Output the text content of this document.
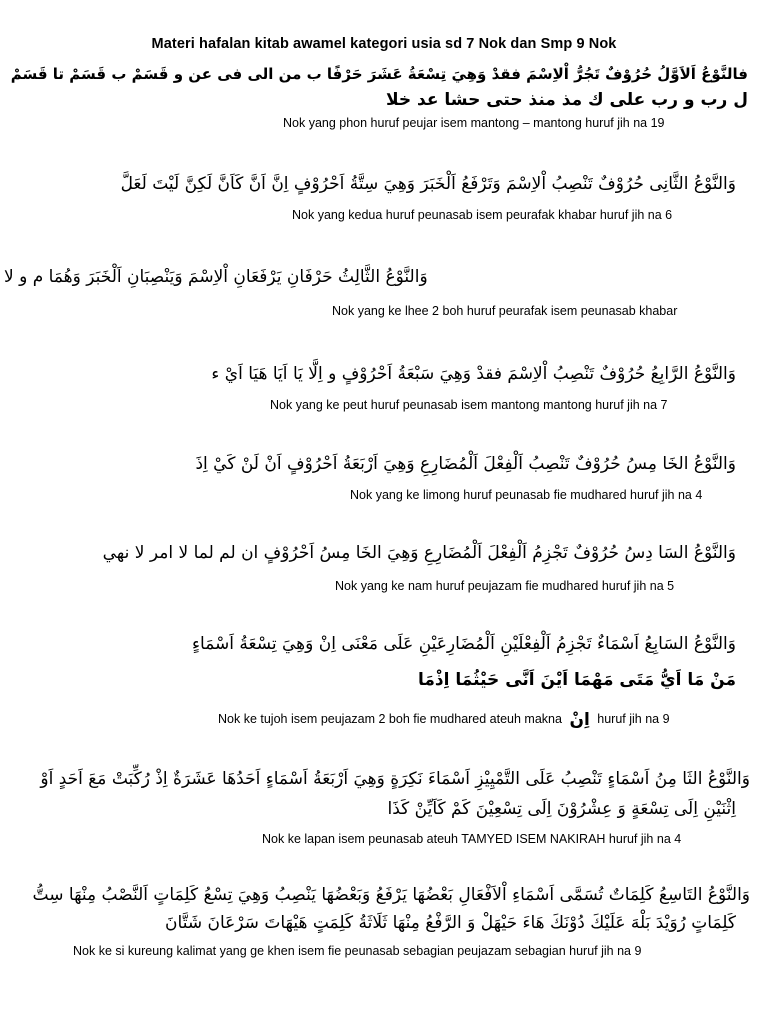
Materi hafalan kitab awamel kategori usia sd 7 Nok dan Smp 9 Nok
فالنَّوْعُ اَلاَوَّلُ حُرُوْفٌ تَجُرُّ اْلاِسْمَ فقدْ وَهِيَ تِسْعَةُ عَشَرَ حَرْفًا ب من الى فى عن و قَسَمْ ب قَسَمْ تا قَسَمْ
ل رب و رب على ك مذ منذ حتى حشا عد خلا
Nok yang phon huruf peujar isem mantong – mantong huruf jih na 19
وَالنَّوْعُ الثَّانِى حُرُوْفٌ تَنْصِبُ اْلاِسْمَ وَتَرْفَعُ اَلْخَبَرَ وَهِيَ سِتَّةُ اَحْرُوْفٍ اِنَّ اَنَّ كَاَنَّ لَكِنَّ لَيْتَ لَعَلَّ
Nok yang kedua huruf peunasab isem peurafak khabar huruf jih na 6
وَالنَّوْعُ الثَّالِثُ حَرْفَانِ يَرْفَعَانِ اْلاِسْمَ وَيَنْصِبَانِ اَلْخَبَرَ وَهُمَا م و لا
Nok yang ke lhee 2 boh huruf peurafak isem peunasab khabar
وَالنَّوْعُ الرَّابِعُ حُرُوْفٌ تَنْصِبُ اْلاِسْمَ فقدْ وَهِيَ سَبْعَةُ اَحْرُوْفٍ و اِلَّا يَا اَيَا هَيَا اَيْ ء
Nok yang ke peut huruf peunasab isem mantong mantong huruf jih na 7
وَالنَّوْعُ الخَا مِسُ حُرُوْفٌ تَنْصِبُ اَلْفِعْلَ اَلْمُضَارِعِ وَهِيَ اَرْبَعَةُ اَحْرُوْفٍ اَنْ لَنْ كَيْ اِذَ
Nok yang ke limong huruf peunasab fie mudhared huruf jih na 4
وَالنَّوْعُ السَا دِسُ حُرُوْفٌ تَجْزِمُ اَلْفِعْلَ اَلْمُضَارِعِ وَهِيَ الخَا مِسُ اَحْرُوْفٍ ان لم لما لا امر لا نهي
Nok yang ke nam huruf peujazam fie mudhared huruf jih na 5
وَالنَّوْعُ السَابِعُ اَسْمَاءٌ تَجْزِمُ اَلْفِعْلَيْنِ اَلْمُضَارِعَيْنِ عَلَى مَعْنَى اِنْ وَهِيَ تِسْعَةُ اَسْمَاءٍ
مَنْ مَا اَيُّ مَتَى مَهْمَا اَيْنَ اَنَّى حَيْثُمَا اِذْمَا
Nok ke tujoh isem peujazam 2 boh fie mudhared ateuh makna اِنْ huruf jih na 9
وَالنَّوْعُ الثَا مِنُ اَسْمَاءٍ تَنْصِبُ عَلَى التَّمْيِيْزِ اَسْمَاءَ نَكِرَةٍ وَهِيَ اَرْبَعَةُ اَسْمَاءٍ اَحَدُهَا عَشَرَةٌ اِذْ رُكِّبَتْ مَعَ اَحَدٍ اَوْ
اِثْنَيْنِ اِلَى تِسْعَةٍ وَ عِشْرُوْنَ اِلَى تِسْعِيْنَ كَمْ كَاَيِّنْ كَذَا
Nok ke lapan isem peunasab ateuh TAMYED ISEM NAKIRAH huruf jih na 4
وَالنَّوْعُ التَاسِعُ كَلِمَاتٌ تُسَمَّى اَسْمَاءِ اْلاَفْعَالِ بَعْضُهَا يَرْفَعُ وَبَعْضُهَا يَنْصِبُ وَهِيَ تِسْعُ كَلِمَاتٍ اَلنَّصْبُ مِنْهَا سِتُّ
كَلِمَاتٍ رُوَيْدَ بَلْهَ عَلَيْكَ دُوْنَكَ هَاءَ حَيْهَلْ وَ الرَّفْعُ مِنْهَا ثَلَاثَةُ كَلِمَتٍ هَيْهَاتَ سَرْعَانَ شَتَّانَ
Nok ke si kureung kalimat yang ge khen isem fie peunasab sebagian peujazam sebagian huruf jih na 9
